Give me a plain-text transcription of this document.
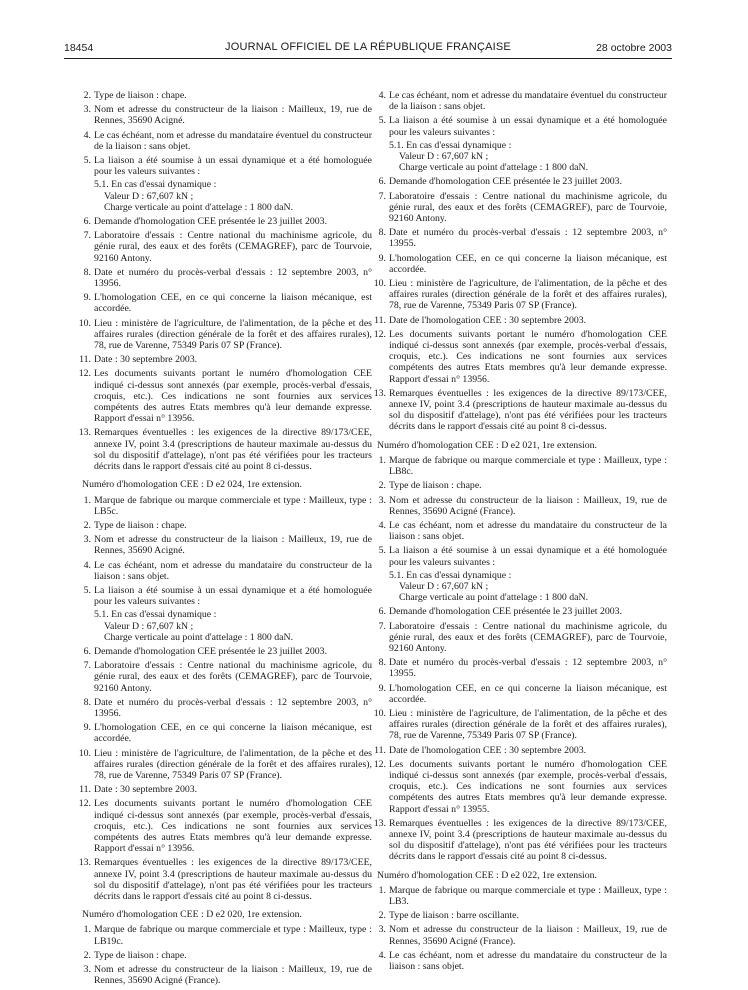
18454	JOURNAL OFFICIEL DE LA RÉPUBLIQUE FRANÇAISE	28 octobre 2003
2. Type de liaison : chape.
3. Nom et adresse du constructeur de la liaison : Mailleux, 19, rue de Rennes, 35690 Acigné.
4. Le cas échéant, nom et adresse du mandataire éventuel du constructeur de la liaison : sans objet.
5. La liaison a été soumise à un essai dynamique et a été homologuée pour les valeurs suivantes :
5.1. En cas d'essai dynamique :
Valeur D : 67,607 kN ;
Charge verticale au point d'attelage : 1 800 daN.
6. Demande d'homologation CEE présentée le 23 juillet 2003.
7. Laboratoire d'essais : Centre national du machinisme agricole, du génie rural, des eaux et des forêts (CEMAGREF), parc de Tourvoie, 92160 Antony.
8. Date et numéro du procès-verbal d'essais : 12 septembre 2003, n° 13956.
9. L'homologation CEE, en ce qui concerne la liaison mécanique, est accordée.
10. Lieu : ministère de l'agriculture, de l'alimentation, de la pêche et des affaires rurales (direction générale de la forêt et des affaires rurales), 78, rue de Varenne, 75349 Paris 07 SP (France).
11. Date : 30 septembre 2003.
12. Les documents suivants portant le numéro d'homologation CEE indiqué ci-dessus sont annexés (par exemple, procès-verbal d'essais, croquis, etc.). Ces indications ne sont fournies aux services compétents des autres Etats membres qu'à leur demande expresse. Rapport d'essai n° 13956.
13. Remarques éventuelles : les exigences de la directive 89/173/CEE, annexe IV, point 3.4 (prescriptions de hauteur maximale au-dessus du sol du dispositif d'attelage), n'ont pas été vérifiées pour les tracteurs décrits dans le rapport d'essais cité au point 8 ci-dessus.
Numéro d'homologation CEE : D e2 024, 1re extension.
1. Marque de fabrique ou marque commerciale et type : Mailleux, type : LB5c.
2. Type de liaison : chape.
3. Nom et adresse du constructeur de la liaison : Mailleux, 19, rue de Rennes, 35690 Acigné.
4. Le cas échéant, nom et adresse du mandataire du constructeur de la liaison : sans objet.
5. La liaison a été soumise à un essai dynamique et a été homologuée pour les valeurs suivantes :
5.1. En cas d'essai dynamique :
Valeur D : 67,607 kN ;
Charge verticale au point d'attelage : 1 800 daN.
6. Demande d'homologation CEE présentée le 23 juillet 2003.
7. Laboratoire d'essais : Centre national du machinisme agricole, du génie rural, des eaux et des forêts (CEMAGREF), parc de Tourvoie, 92160 Antony.
8. Date et numéro du procès-verbal d'essais : 12 septembre 2003, n° 13956.
9. L'homologation CEE, en ce qui concerne la liaison mécanique, est accordée.
10. Lieu : ministère de l'agriculture, de l'alimentation, de la pêche et des affaires rurales (direction générale de la forêt et des affaires rurales), 78, rue de Varenne, 75349 Paris 07 SP (France).
11. Date : 30 septembre 2003.
12. Les documents suivants portant le numéro d'homologation CEE indiqué ci-dessus sont annexés (par exemple, procès-verbal d'essais, croquis, etc.). Ces indications ne sont fournies aux services compétents des autres Etats membres qu'à leur demande expresse. Rapport d'essai n° 13956.
13. Remarques éventuelles : les exigences de la directive 89/173/CEE, annexe IV, point 3.4 (prescriptions de hauteur maximale au-dessus du sol du dispositif d'attelage), n'ont pas été vérifiées pour les tracteurs décrits dans le rapport d'essais cité au point 8 ci-dessus.
Numéro d'homologation CEE : D e2 020, 1re extension.
1. Marque de fabrique ou marque commerciale et type : Mailleux, type : LB19c.
2. Type de liaison : chape.
3. Nom et adresse du constructeur de la liaison : Mailleux, 19, rue de Rennes, 35690 Acigné (France).
4. Le cas échéant, nom et adresse du mandataire éventuel du constructeur de la liaison : sans objet.
5. La liaison a été soumise à un essai dynamique et a été homologuée pour les valeurs suivantes :
5.1. En cas d'essai dynamique :
Valeur D : 67,607 kN ;
Charge verticale au point d'attelage : 1 800 daN.
6. Demande d'homologation CEE présentée le 23 juillet 2003.
7. Laboratoire d'essais : Centre national du machinisme agricole, du génie rural, des eaux et des forêts (CEMAGREF), parc de Tourvoie, 92160 Antony.
8. Date et numéro du procès-verbal d'essais : 12 septembre 2003, n° 13955.
9. L'homologation CEE, en ce qui concerne la liaison mécanique, est accordée.
10. Lieu : ministère de l'agriculture, de l'alimentation, de la pêche et des affaires rurales (direction générale de la forêt et des affaires rurales), 78, rue de Varenne, 75349 Paris 07 SP (France).
11. Date de l'homologation CEE : 30 septembre 2003.
12. Les documents suivants portant le numéro d'homologation CEE indiqué ci-dessus sont annexés (par exemple, procès-verbal d'essais, croquis, etc.). Ces indications ne sont fournies aux services compétents des autres Etats membres qu'à leur demande expresse. Rapport d'essai n° 13956.
13. Remarques éventuelles : les exigences de la directive 89/173/CEE, annexe IV, point 3.4 (prescriptions de hauteur maximale au-dessus du sol du dispositif d'attelage), n'ont pas été vérifiées pour les tracteurs décrits dans le rapport d'essais cité au point 8 ci-dessus.
Numéro d'homologation CEE : D e2 021, 1re extension.
1. Marque de fabrique ou marque commerciale et type : Mailleux, type : LB8c.
2. Type de liaison : chape.
3. Nom et adresse du constructeur de la liaison : Mailleux, 19, rue de Rennes, 35690 Acigné (France).
4. Le cas échéant, nom et adresse du mandataire du constructeur de la liaison : sans objet.
5. La liaison a été soumise à un essai dynamique et a été homologuée pour les valeurs suivantes :
5.1. En cas d'essai dynamique :
Valeur D : 67,607 kN ;
Charge verticale au point d'attelage : 1 800 daN.
6. Demande d'homologation CEE présentée le 23 juillet 2003.
7. Laboratoire d'essais : Centre national du machinisme agricole, du génie rural, des eaux et des forêts (CEMAGREF), parc de Tourvoie, 92160 Antony.
8. Date et numéro du procès-verbal d'essais : 12 septembre 2003, n° 13955.
9. L'homologation CEE, en ce qui concerne la liaison mécanique, est accordée.
10. Lieu : ministère de l'agriculture, de l'alimentation, de la pêche et des affaires rurales (direction générale de la forêt et des affaires rurales), 78, rue de Varenne, 75349 Paris 07 SP (France).
11. Date de l'homologation CEE : 30 septembre 2003.
12. Les documents suivants portant le numéro d'homologation CEE indiqué ci-dessus sont annexés (par exemple, procès-verbal d'essais, croquis, etc.). Ces indications ne sont fournies aux services compétents des autres Etats membres qu'à leur demande expresse. Rapport d'essai n° 13955.
13. Remarques éventuelles : les exigences de la directive 89/173/CEE, annexe IV, point 3.4 (prescriptions de hauteur maximale au-dessus du sol du dispositif d'attelage), n'ont pas été vérifiées pour les tracteurs décrits dans le rapport d'essais cité au point 8 ci-dessus.
Numéro d'homologation CEE : D e2 022, 1re extension.
1. Marque de fabrique ou marque commerciale et type : Mailleux, type : LB3.
2. Type de liaison : barre oscillante.
3. Nom et adresse du constructeur de la liaison : Mailleux, 19, rue de Rennes, 35690 Acigné (France).
4. Le cas échéant, nom et adresse du mandataire du constructeur de la liaison : sans objet.
